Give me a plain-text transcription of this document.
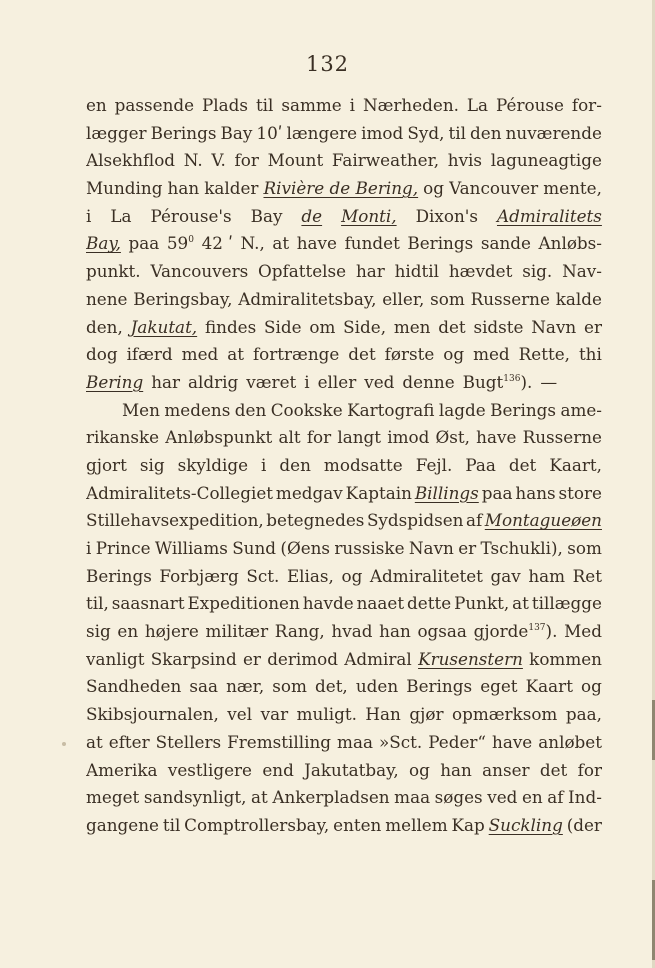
132
en passende Plads til samme i Nærheden. La Pérouse for-
lægger Berings Bay 10ʹ længere imod Syd, til den nuværende
Alsekhflod N. V. for Mount Fairweather, hvis laguneagtige
Munding han kalder Rivière de Bering, og Vancouver mente,
i La Pérouse's Bay de Monti, Dixon's Admiralitets
Bay, paa $59^0$ 42 ʹ N., at have fundet Berings sande Anløbs-
punkt. Vancouvers Opfattelse har hidtil hævdet sig. Nav-
nene Beringsbay, Admiralitetsbay, eller, som Russerne kalde
den, Jakutat, findes Side om Side, men det sidste Navn er
dog ifærd med at fortrænge det første og med Rette, thi
Bering har aldrig været i eller ved denne Bugt$^{136}$). —
Men medens den Cookske Kartografi lagde Berings ame-
rikanske Anløbspunkt alt for langt imod Øst, have Russerne
gjort sig skyldige i den modsatte Fejl. Paa det Kaart,
Admiralitets-Collegiet medgav Kaptain Billings paa hans store
Stillehavsexpedition, betegnedes Sydspidsen af Montagueøen
i Prince Williams Sund (Øens russiske Navn er Tschukli), som
Berings Forbjærg Sct. Elias, og Admiralitetet gav ham Ret
til, saasnart Expeditionen havde naaet dette Punkt, at tillægge
sig en højere militær Rang, hvad han ogsaa gjorde$^{137}$). Med
vanligt Skarpsind er derimod Admiral Krusenstern kommen
Sandheden saa nær, som det, uden Berings eget Kaart og
Skibsjournalen, vel var muligt. Han gjør opmærksom paa,
at efter Stellers Fremstilling maa »Sct. Peder“ have anløbet
Amerika vestligere end Jakutatbay, og han anser det for
meget sandsynligt, at Ankerpladsen maa søges ved en af Ind-
gangene til Comptrollersbay, enten mellem Kap Suckling (der
